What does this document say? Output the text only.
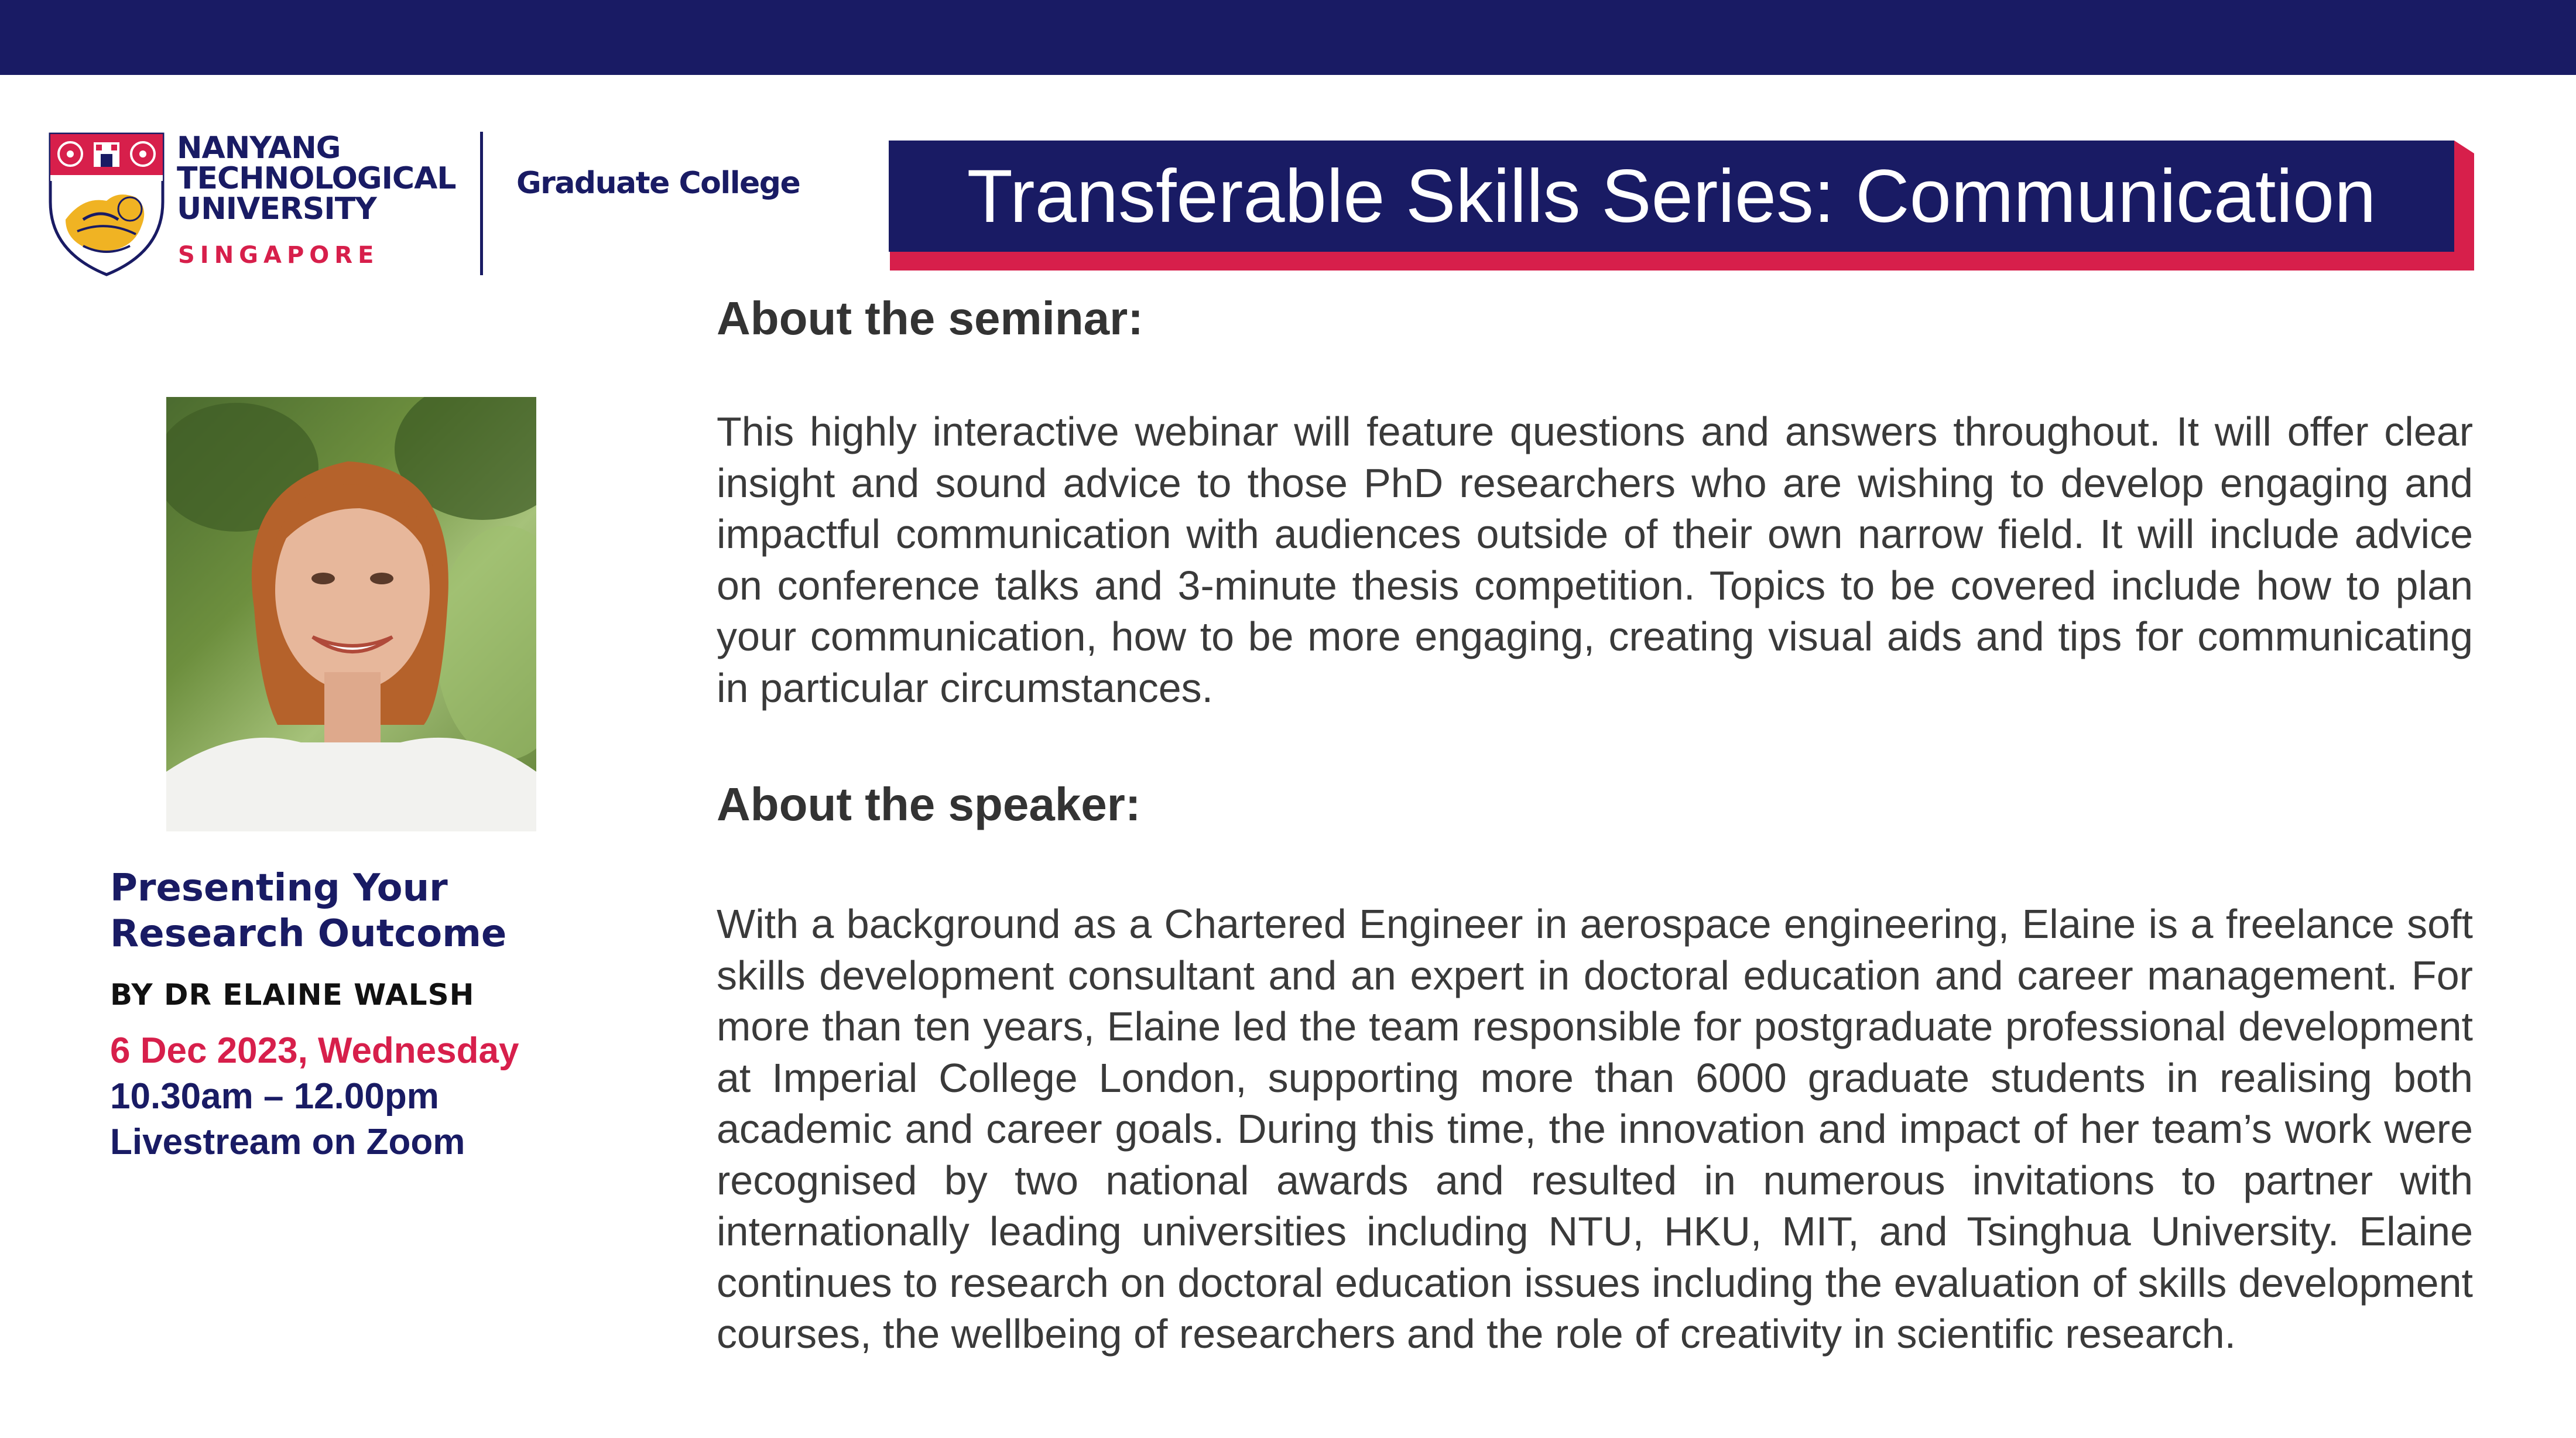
NANYANG
TECHNOLOGICAL
UNIVERSITY
SINGAPORE
Graduate College	Transferable Skills Series: Communication
Presenting Your
Research Outcome
BY DR ELAINE WALSH
6 Dec 2023, Wednesday
10.30am – 12.00pm
Livestream on Zoom
About the seminar:
This highly interactive webinar will feature questions and answers throughout. It will offer clear insight and sound advice to those PhD researchers who are wishing to develop engaging and impactful communication with audiences outside of their own narrow field. It will include advice on conference talks and 3-minute thesis competition. Topics to be covered include how to plan your communication, how to be more engaging, creating visual aids and tips for communicating in particular circumstances.
About the speaker:
With a background as a Chartered Engineer in aerospace engineering, Elaine is a freelance soft skills development consultant and an expert in doctoral education and career management. For more than ten years, Elaine led the team responsible for postgraduate professional development at Imperial College London, supporting more than 6000 graduate students in realising both academic and career goals. During this time, the innovation and impact of her team’s work were recognised by two national awards and resulted in numerous invitations to partner with internationally leading universities including NTU, HKU, MIT, and Tsinghua University. Elaine continues to research on doctoral education issues including the evaluation of skills development courses, the wellbeing of researchers and the role of creativity in scientific research.
